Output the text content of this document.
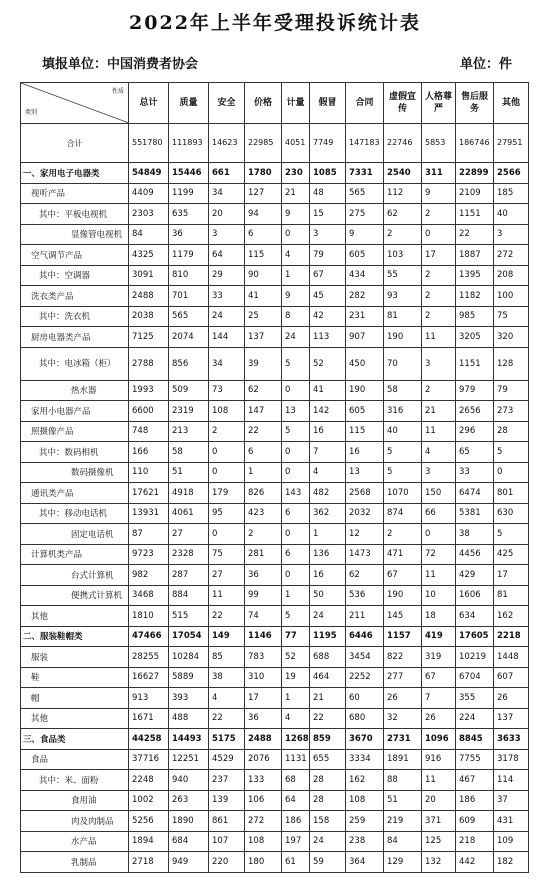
2022年上半年受理投诉统计表
填报单位：中国消费者协会	单位：件
性质
类别	总计	质量	安全	价格	计量	假冒	合同	虚假宣传	人格尊严	售后服务	其他
合计	551780	111893	14623	22985	4051	7749	147183	22746	5853	186746	27951
一、家用电子电器类	54849	15446	661	1780	230	1085	7331	2540	311	22899	2566
视听产品	4409	1199	34	127	21	48	565	112	9	2109	185
其中：平板电视机	2303	635	20	94	9	15	275	62	2	1151	40
显像管电视机	84	36	3	6	0	3	9	2	0	22	3
空气调节产品	4325	1179	64	115	4	79	605	103	17	1887	272
其中：空调器	3091	810	29	90	1	67	434	55	2	1395	208
洗衣类产品	2488	701	33	41	9	45	282	93	2	1182	100
其中：洗衣机	2038	565	24	25	8	42	231	81	2	985	75
厨房电器类产品	7125	2074	144	137	24	113	907	190	11	3205	320
其中：电冰箱（柜）	2788	856	34	39	5	52	450	70	3	1151	128
热水器	1993	509	73	62	0	41	190	58	2	979	79
家用小电器产品	6600	2319	108	147	13	142	605	316	21	2656	273
照摄像产品	748	213	2	22	5	16	115	40	11	296	28
其中：数码相机	166	58	0	6	0	7	16	5	4	65	5
数码摄像机	110	51	0	1	0	4	13	5	3	33	0
通讯类产品	17621	4918	179	826	143	482	2568	1070	150	6474	801
其中：移动电话机	13931	4061	95	423	6	362	2032	874	66	5381	630
固定电话机	87	27	0	2	0	1	12	2	0	38	5
计算机类产品	9723	2328	75	281	6	136	1473	471	72	4456	425
台式计算机	982	287	27	36	0	16	62	67	11	429	17
便携式计算机	3468	884	11	99	1	50	536	190	10	1606	81
其他	1810	515	22	74	5	24	211	145	18	634	162
二、服装鞋帽类	47466	17054	149	1146	77	1195	6446	1157	419	17605	2218
服装	28255	10284	85	783	52	688	3454	822	319	10219	1448
鞋	16627	5889	38	310	19	464	2252	277	67	6704	607
帽	913	393	4	17	1	21	60	26	7	355	26
其他	1671	488	22	36	4	22	680	32	26	224	137
三、食品类	44258	14493	5175	2488	1268	859	3670	2731	1096	8845	3633
食品	37716	12251	4529	2076	1131	655	3334	1891	916	7755	3178
其中：米、面粉	2248	940	237	133	68	28	162	88	11	467	114
食用油	1002	263	139	106	64	28	108	51	20	186	37
肉及肉制品	5256	1890	861	272	186	158	259	219	371	609	431
水产品	1894	684	107	108	197	24	238	84	125	218	109
乳制品	2718	949	220	180	61	59	364	129	132	442	182
